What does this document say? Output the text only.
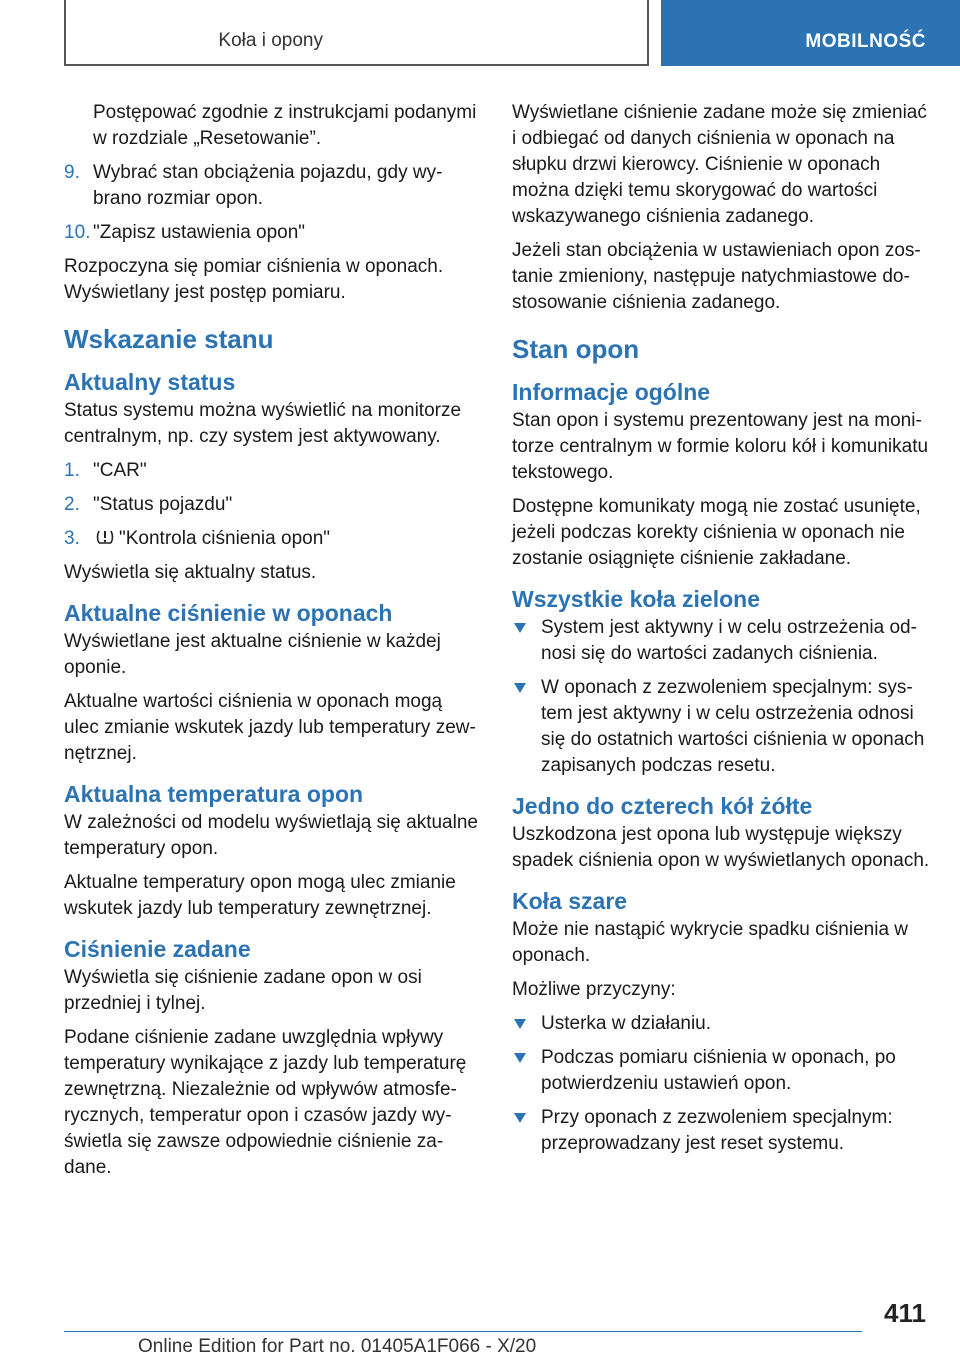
Koła i opony	MOBILNOŚĆ

Postępować zgodnie z instrukcjami podanymi w rozdziale „Resetowanie”.

9. Wybrać stan obciążenia pojazdu, gdy wybrano rozmiar opon.
10. "Zapisz ustawienia opon"

Rozpoczyna się pomiar ciśnienia w oponach. Wyświetlany jest postęp pomiaru.

Wskazanie stanu
Aktualny status

Status systemu można wyświetlić na monitorze centralnym, np. czy system jest aktywowany.

1. "CAR"
2. "Status pojazdu"
3. "Kontrola ciśnienia opon"

Wyświetla się aktualny status.

Aktualne ciśnienie w oponach

Wyświetlane jest aktualne ciśnienie w każdej oponie.

Aktualne wartości ciśnienia w oponach mogą ulec zmianie wskutek jazdy lub temperatury zewnętrznej.

Aktualna temperatura opon

W zależności od modelu wyświetlają się aktualne temperatury opon.

Aktualne temperatury opon mogą ulec zmianie wskutek jazdy lub temperatury zewnętrznej.

Ciśnienie zadane

Wyświetla się ciśnienie zadane opon w osi przedniej i tylnej.

Podane ciśnienie zadane uwzględnia wpływy temperatury wynikające z jazdy lub temperaturę zewnętrzną. Niezależnie od wpływów atmosferycznych, temperatur opon i czasów jazdy wyświetla się zawsze odpowiednie ciśnienie zadane.

Wyświetlane ciśnienie zadane może się zmieniać i odbiegać od danych ciśnienia w oponach na słupku drzwi kierowcy. Ciśnienie w oponach można dzięki temu skorygować do wartości wskazywanego ciśnienia zadanego.

Jeżeli stan obciążenia w ustawieniach opon zostanie zmieniony, następuje natychmiastowe dostosowanie ciśnienia zadanego.

Stan opon
Informacje ogólne

Stan opon i systemu prezentowany jest na monitorze centralnym w formie koloru kół i komunikatu tekstowego.

Dostępne komunikaty mogą nie zostać usunięte, jeżeli podczas korekty ciśnienia w oponach nie zostanie osiągnięte ciśnienie zakładane.

Wszystkie koła zielone
System jest aktywny i w celu ostrzeżenia odnosi się do wartości zadanych ciśnienia.
W oponach z zezwoleniem specjalnym: system jest aktywny i w celu ostrzeżenia odnosi się do ostatnich wartości ciśnienia w oponach zapisanych podczas resetu.
Jedno do czterech kół żółte

Uszkodzona jest opona lub występuje większy spadek ciśnienia opon w wyświetlanych oponach.

Koła szare

Może nie nastąpić wykrycie spadku ciśnienia w oponach.

Możliwe przyczyny:

Usterka w działaniu.
Podczas pomiaru ciśnienia w oponach, po potwierdzeniu ustawień opon.
Przy oponach z zezwoleniem specjalnym: przeprowadzany jest reset systemu.
411
Online Edition for Part no. 01405A1F066 - X/20
